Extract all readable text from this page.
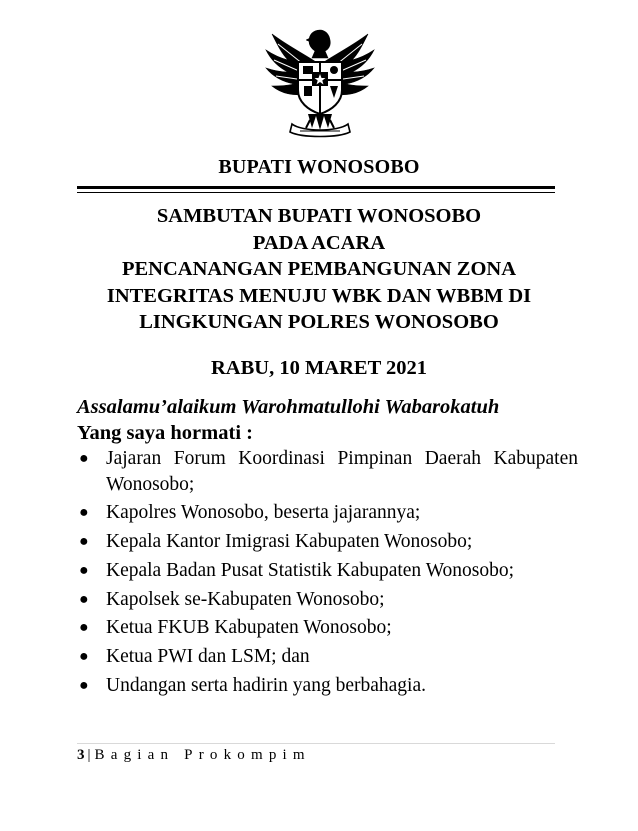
BUPATI WONOSOBO
SAMBUTAN BUPATI WONOSOBO
PADA ACARA
PENCANANGAN PEMBANGUNAN ZONA
INTEGRITAS MENUJU WBK DAN WBBM DI
LINGKUNGAN POLRES WONOSOBO
RABU, 10 MARET 2021
Assalamu’alaikum Warohmatullohi Wabarokatuh
Yang saya hormati :
● Jajaran Forum Koordinasi Pimpinan Daerah Kabupaten Wonosobo;
● Kapolres Wonosobo, beserta jajarannya;
● Kepala Kantor Imigrasi Kabupaten Wonosobo;
● Kepala Badan Pusat Statistik Kabupaten Wonosobo;
● Kapolsek se-Kabupaten Wonosobo;
● Ketua FKUB Kabupaten Wonosobo;
● Ketua PWI dan LSM; dan
● Undangan serta hadirin yang berbahagia.
3 | Bagian Prokompim
